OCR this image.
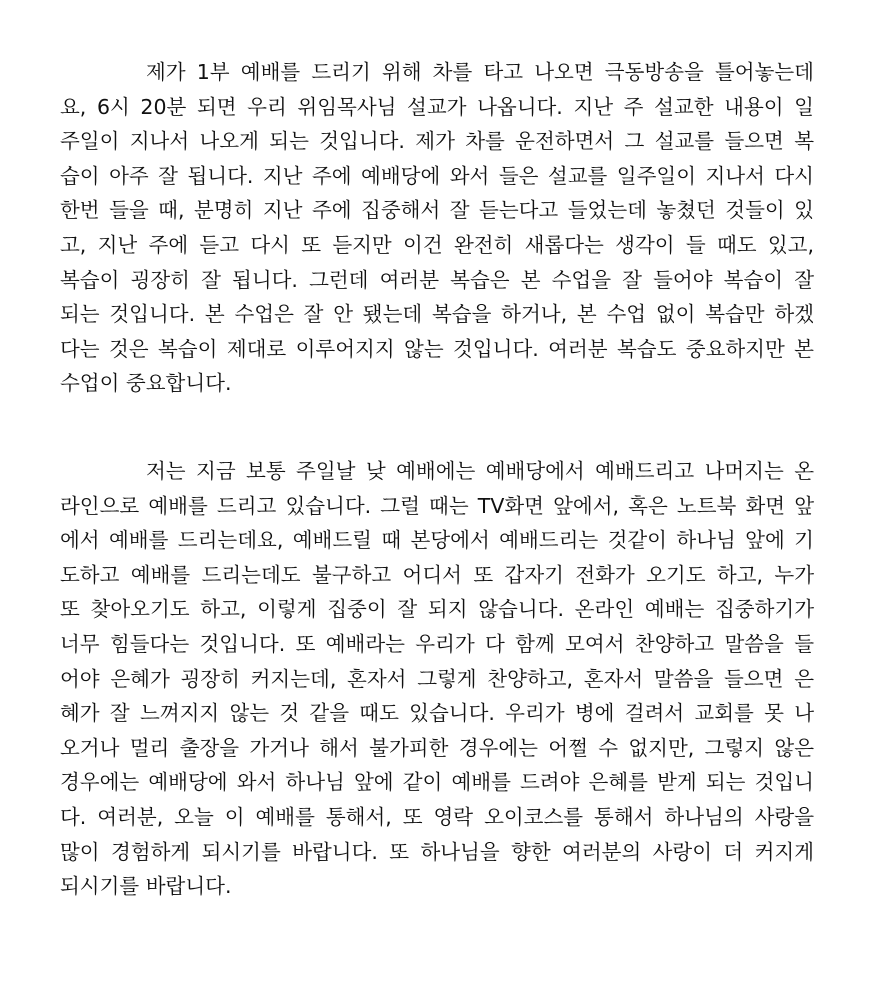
제가 1부 예배를 드리기 위해 차를 타고 나오면 극동방송을 틀어놓는데
요, 6시 20분 되면 우리 위임목사님 설교가 나옵니다. 지난 주 설교한 내용이 일
주일이 지나서 나오게 되는 것입니다. 제가 차를 운전하면서 그 설교를 들으면 복
습이 아주 잘 됩니다. 지난 주에 예배당에 와서 들은 설교를 일주일이 지나서 다시
한번 들을 때, 분명히 지난 주에 집중해서 잘 듣는다고 들었는데 놓쳤던 것들이 있
고, 지난 주에 듣고 다시 또 듣지만 이건 완전히 새롭다는 생각이 들 때도 있고,
복습이 굉장히 잘 됩니다. 그런데 여러분 복습은 본 수업을 잘 들어야 복습이 잘
되는 것입니다. 본 수업은 잘 안 됐는데 복습을 하거나, 본 수업 없이 복습만 하겠
다는 것은 복습이 제대로 이루어지지 않는 것입니다. 여러분 복습도 중요하지만 본
수업이 중요합니다.
저는 지금 보통 주일날 낮 예배에는 예배당에서 예배드리고 나머지는 온
라인으로 예배를 드리고 있습니다. 그럴 때는 TV화면 앞에서, 혹은 노트북 화면 앞
에서 예배를 드리는데요, 예배드릴 때 본당에서 예배드리는 것같이 하나님 앞에 기
도하고 예배를 드리는데도 불구하고 어디서 또 갑자기 전화가 오기도 하고, 누가
또 찾아오기도 하고, 이렇게 집중이 잘 되지 않습니다. 온라인 예배는 집중하기가
너무 힘들다는 것입니다. 또 예배라는 우리가 다 함께 모여서 찬양하고 말씀을 들
어야 은혜가 굉장히 커지는데, 혼자서 그렇게 찬양하고, 혼자서 말씀을 들으면 은
혜가 잘 느껴지지 않는 것 같을 때도 있습니다. 우리가 병에 걸려서 교회를 못 나
오거나 멀리 출장을 가거나 해서 불가피한 경우에는 어쩔 수 없지만, 그렇지 않은
경우에는 예배당에 와서 하나님 앞에 같이 예배를 드려야 은혜를 받게 되는 것입니
다. 여러분, 오늘 이 예배를 통해서, 또 영락 오이코스를 통해서 하나님의 사랑을
많이 경험하게 되시기를 바랍니다. 또 하나님을 향한 여러분의 사랑이 더 커지게
되시기를 바랍니다.
